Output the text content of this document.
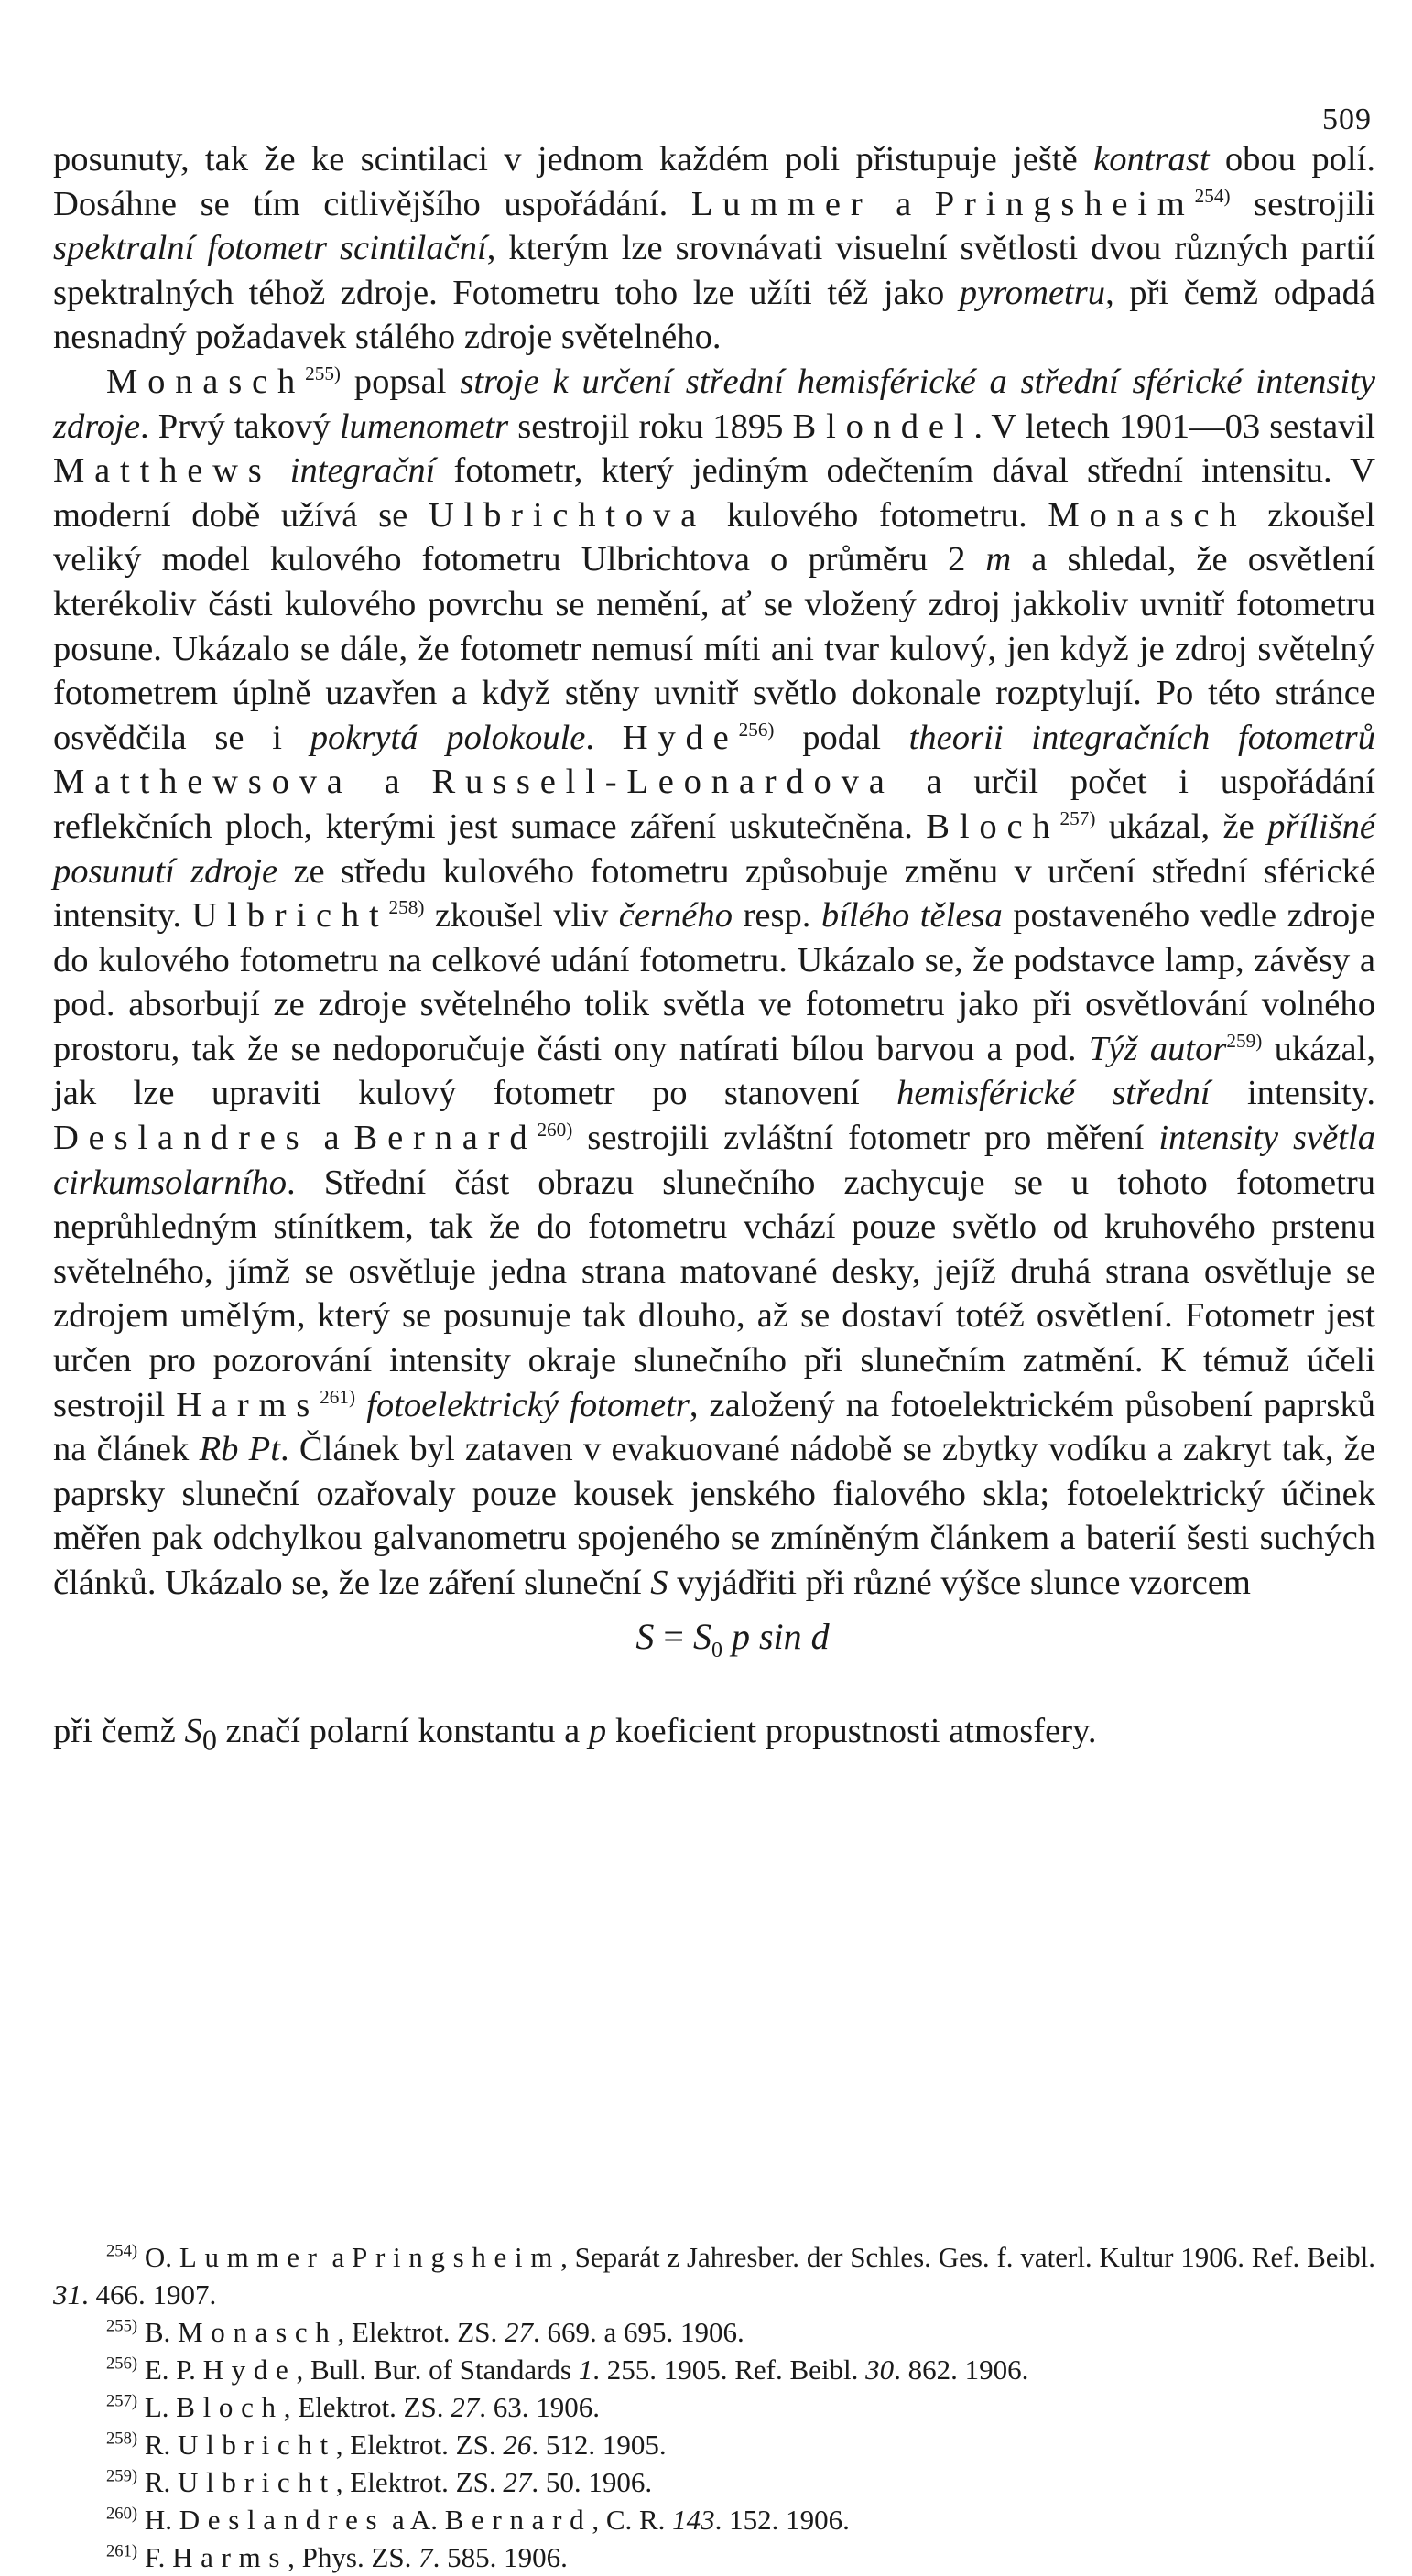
509

posunuty, tak že ke scintilaci v jednom každém poli přistupuje ještě kontrast obou polí. Dosáhne se tím citlivějšího uspořádání. Lummer a Pringsheim$^{254)}$ sestrojili spektralní fotometr scintilační, kterým lze srovnávati visuelní světlosti dvou různých partií spektralných téhož zdroje. Fotometru toho lze užíti též jako pyrometru, při čemž odpadá nesnadný požadavek stálého zdroje světelného.

Monasch$^{255)}$ popsal stroje k určení střední hemisférické a střední sférické intensity zdroje. Prvý takový lumenometr sestrojil roku 1895 Blondel. V letech 1901—03 sestavil Matthews integrační fotometr, který jediným odečtením dával střední intensitu. V moderní době užívá se Ulbrichtova kulového fotometru. Monasch zkoušel veliký model kulového fotometru Ulbrichtova o průměru 2 m a shledal, že osvětlení kterékoliv části kulového povrchu se nemění, ať se vložený zdroj jakkoliv uvnitř fotometru posune. Ukázalo se dále, že fotometr nemusí míti ani tvar kulový, jen když je zdroj světelný fotometrem úplně uzavřen a když stěny uvnitř světlo dokonale rozptylují. Po této stránce osvědčila se i pokrytá polokoule. Hyde$^{256)}$ podal theorii integračních fotometrů Matthewsova a Russell-Leonardova a určil počet i uspořádání reflekčních ploch, kterými jest sumace záření uskutečněna. Bloch$^{257)}$ ukázal, že přílišné posunutí zdroje ze středu kulového fotometru způsobuje změnu v určení střední sférické intensity. Ulbricht$^{258)}$ zkoušel vliv černého resp. bílého tělesa postaveného vedle zdroje do kulového fotometru na celkové udání fotometru. Ukázalo se, že podstavce lamp, závěsy a pod. absorbují ze zdroje světelného tolik světla ve fotometru jako při osvětlování volného prostoru, tak že se nedoporučuje části ony natírati bílou barvou a pod. Týž autor$^{259)}$ ukázal, jak lze upraviti kulový fotometr po stanovení hemisférické střední intensity. Deslandres a Bernard$^{260)}$ sestrojili zvláštní fotometr pro měření intensity světla cirkumsolarního. Střední část obrazu slunečního zachycuje se u tohoto fotometru neprůhledným stínítkem, tak že do fotometru vchází pouze světlo od kruhového prstenu světelného, jímž se osvětluje jedna strana matované desky, jejíž druhá strana osvětluje se zdrojem umělým, který se posunuje tak dlouho, až se dostaví totéž osvětlení. Fotometr jest určen pro pozorování intensity okraje slunečního při slunečním zatmění. K témuž účeli sestrojil Harms$^{261)}$ fotoelektrický fotometr, založený na fotoelektrickém působení paprsků na článek Rb Pt. Článek byl zataven v evakuované nádobě se zbytky vodíku a zakryt tak, že paprsky sluneční ozařovaly pouze kousek jenského fialového skla; fotoelektrický účinek měřen pak odchylkou galvanometru spojeného se zmíněným článkem a baterií šesti suchých článků. Ukázalo se, že lze záření sluneční S vyjádřiti při různé výšce slunce vzorcem

$S = S_0$ p sin d

při čemž $S_0$ značí polarní konstantu a p koeficient propustnosti atmosfery.

$^{254)}$ O. Lummer a Pringsheim, Separát z Jahresber. der Schles. Ges. f. vaterl. Kultur 1906. Ref. Beibl. 31. 466. 1907.

$^{255)}$ B. Monasch, Elektrot. ZS. 27. 669. a 695. 1906.

$^{256)}$ E. P. Hyde, Bull. Bur. of Standards 1. 255. 1905. Ref. Beibl. 30. 862. 1906.

$^{257)}$ L. Bloch, Elektrot. ZS. 27. 63. 1906.

$^{258)}$ R. Ulbricht, Elektrot. ZS. 26. 512. 1905.

$^{259)}$ R. Ulbricht, Elektrot. ZS. 27. 50. 1906.

$^{260)}$ H. Deslandres a A. Bernard, C. R. 143. 152. 1906.

$^{261)}$ F. Harms, Phys. ZS. 7. 585. 1906.
